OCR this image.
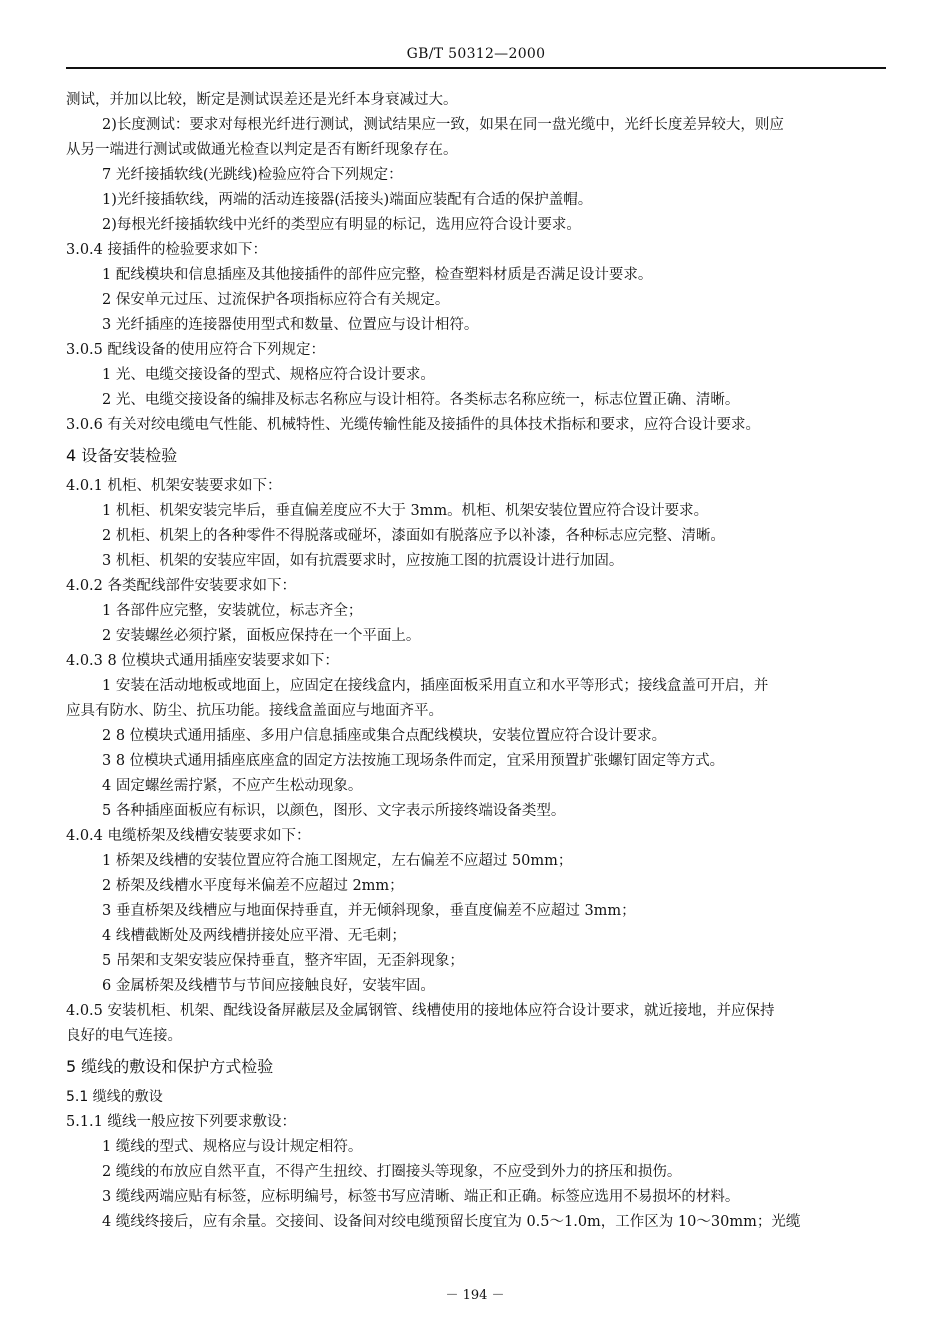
GB/T 50312—2000
测试，并加以比较，断定是测试误差还是光纤本身衰减过大。
2)长度测试：要求对每根光纤进行测试，测试结果应一致，如果在同一盘光缆中，光纤长度差异较大，则应
从另一端进行测试或做通光检查以判定是否有断纤现象存在。
7 光纤接插软线(光跳线)检验应符合下列规定：
1)光纤接插软线，两端的活动连接器(活接头)端面应装配有合适的保护盖帽。
2)每根光纤接插软线中光纤的类型应有明显的标记，选用应符合设计要求。
3.0.4 接插件的检验要求如下：
1 配线模块和信息插座及其他接插件的部件应完整，检查塑料材质是否满足设计要求。
2 保安单元过压、过流保护各项指标应符合有关规定。
3 光纤插座的连接器使用型式和数量、位置应与设计相符。
3.0.5 配线设备的使用应符合下列规定：
1 光、电缆交接设备的型式、规格应符合设计要求。
2 光、电缆交接设备的编排及标志名称应与设计相符。各类标志名称应统一，标志位置正确、清晰。
3.0.6 有关对绞电缆电气性能、机械特性、光缆传输性能及接插件的具体技术指标和要求，应符合设计要求。
4 设备安装检验
4.0.1 机柜、机架安装要求如下：
1 机柜、机架安装完毕后，垂直偏差度应不大于 3mm。机柜、机架安装位置应符合设计要求。
2 机柜、机架上的各种零件不得脱落或碰坏，漆面如有脱落应予以补漆，各种标志应完整、清晰。
3 机柜、机架的安装应牢固，如有抗震要求时，应按施工图的抗震设计进行加固。
4.0.2 各类配线部件安装要求如下：
1 各部件应完整，安装就位，标志齐全；
2 安装螺丝必须拧紧，面板应保持在一个平面上。
4.0.3 8 位模块式通用插座安装要求如下：
1 安装在活动地板或地面上，应固定在接线盒内，插座面板采用直立和水平等形式；接线盒盖可开启，并
应具有防水、防尘、抗压功能。接线盒盖面应与地面齐平。
2 8 位模块式通用插座、多用户信息插座或集合点配线模块，安装位置应符合设计要求。
3 8 位模块式通用插座底座盒的固定方法按施工现场条件而定，宜采用预置扩张螺钉固定等方式。
4 固定螺丝需拧紧，不应产生松动现象。
5 各种插座面板应有标识，以颜色，图形、文字表示所接终端设备类型。
4.0.4 电缆桥架及线槽安装要求如下：
1 桥架及线槽的安装位置应符合施工图规定，左右偏差不应超过 50mm；
2 桥架及线槽水平度每米偏差不应超过 2mm；
3 垂直桥架及线槽应与地面保持垂直，并无倾斜现象，垂直度偏差不应超过 3mm；
4 线槽截断处及两线槽拼接处应平滑、无毛刺；
5 吊架和支架安装应保持垂直，整齐牢固，无歪斜现象；
6 金属桥架及线槽节与节间应接触良好，安装牢固。
4.0.5 安装机柜、机架、配线设备屏蔽层及金属钢管、线槽使用的接地体应符合设计要求，就近接地，并应保持
良好的电气连接。
5 缆线的敷设和保护方式检验
5.1 缆线的敷设
5.1.1 缆线一般应按下列要求敷设：
1 缆线的型式、规格应与设计规定相符。
2 缆线的布放应自然平直，不得产生扭绞、打圈接头等现象，不应受到外力的挤压和损伤。
3 缆线两端应贴有标签，应标明编号，标签书写应清晰、端正和正确。标签应选用不易损坏的材料。
4 缆线终接后，应有余量。交接间、设备间对绞电缆预留长度宜为 0.5～1.0m，工作区为 10～30mm；光缆
－ 194 －
